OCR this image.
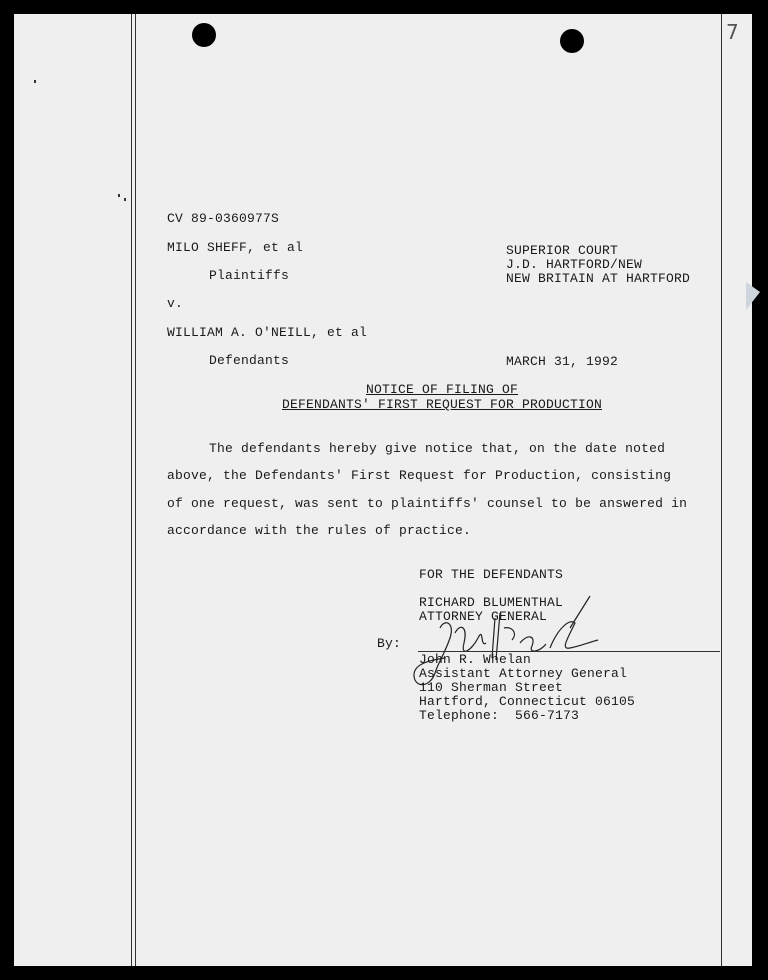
7
CV 89-0360977S
MILO SHEFF, et al
Plaintiffs
v.
WILLIAM A. O'NEILL, et al
Defendants
SUPERIOR COURT
J.D. HARTFORD/NEW
NEW BRITAIN AT HARTFORD
MARCH 31, 1992
NOTICE OF FILING OF
DEFENDANTS' FIRST REQUEST FOR PRODUCTION
The defendants hereby give notice that, on the date noted
above, the Defendants' First Request for Production, consisting
of one request, was sent to plaintiffs' counsel to be answered in
accordance with the rules of practice.
FOR THE DEFENDANTS
RICHARD BLUMENTHAL
ATTORNEY GENERAL
By:
John R. Whelan
Assistant Attorney General
110 Sherman Street
Hartford, Connecticut 06105
Telephone:  566-7173
